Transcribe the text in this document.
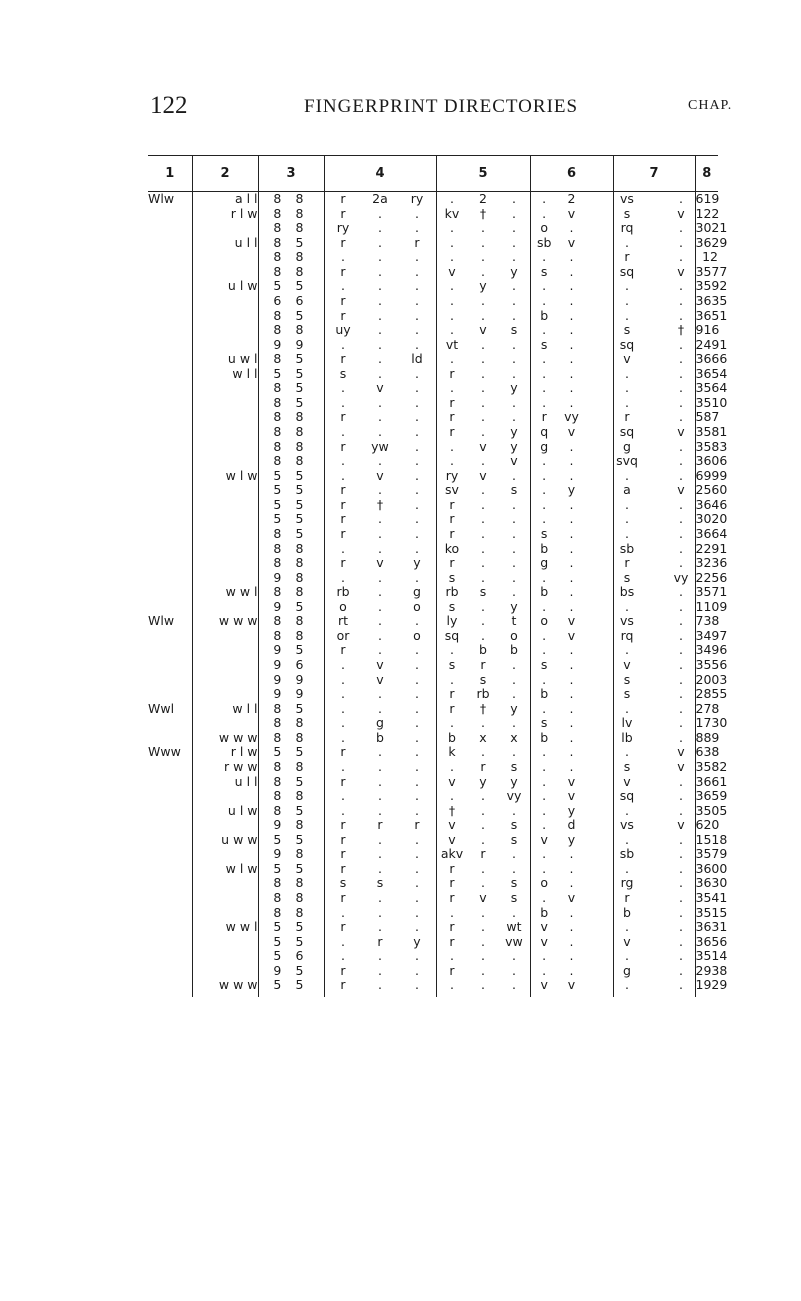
122	FINGERPRINT DIRECTORIES	CHAP.
1	2	3	4	5	6	7	8
Wlw	a l l	8 8	r 2a ry	. 2 .	. 2	vs .	619
	r l w	8 8	r . .	kv † .	. v	s v	122
		8 8	ry . .	. . .	o .	rq .	3021
	u l l	8 5	r . r	. . .	sb v	. .	3629
		8 8	. . .	. . .	. .	r .	12
		8 8	r . .	v . y	s .	sq v	3577
	u l w	5 5	. . .	. y .	. .	. .	3592
		6 6	r . .	. . .	. .	. .	3635
		8 5	r . .	. . .	b .	. .	3651
		8 8	uy . .	. v s	. .	s †	916
		9 9	. . .	vt . .	s .	sq .	2491
	u w l	8 5	r . ld	. . .	. .	v .	3666
	w l l	5 5	s . .	r . .	. .	. .	3654
		8 5	. v .	. . y	. .	. .	3564
		8 5	. . .	r . .	. .	. .	3510
		8 8	r . .	r . .	r vy	r .	587
		8 8	. . .	r . y	q v	sq v	3581
		8 8	r yw .	. v y	g .	g .	3583
		8 8	. . .	. . v	. .	svq .	3606
	w l w	5 5	. v .	ry v .	. .	. .	6999
		5 5	r . .	sv . s	. y	a v	2560
		5 5	r † .	r . .	. .	. .	3646
		5 5	r . .	r . .	. .	. .	3020
		8 5	r . .	r . .	s .	. .	3664
		8 8	. . .	ko . .	b .	sb .	2291
		8 8	r v y	r . .	g .	r .	3236
		9 8	. . .	s . .	. .	s vy	2256
	w w l	8 8	rb . g	rb s .	b .	bs .	3571
		9 5	o . o	s . y	. .	. .	1109
Wlw	w w w	8 8	rt . .	ly . t	o v	vs .	738
		8 8	or . o	sq . o	. v	rq .	3497
		9 5	r . .	. b b	. .	. .	3496
		9 6	. v .	s r .	s .	v .	3556
		9 9	. v .	. s .	. .	s .	2003
		9 9	. . .	r rb .	b .	s .	2855
Wwl	w l l	8 5	. . .	r † y	. .	. .	278
		8 8	. g .	. . .	s .	lv .	1730
	w w w	8 8	. b .	b x x	b .	lb .	889
Www	r l w	5 5	r . .	k . .	. .	. v	638
	r w w	8 8	. . .	. r s	. .	s v	3582
	u l l	8 5	r . .	v y y	. v	v .	3661
		8 8	. . .	. . vy	. v	sq .	3659
	u l w	8 5	. . .	† . .	. y	. .	3505
		9 8	r r r	v . s	. d	vs v	620
	u w w	5 5	r . .	v . s	v y	. .	1518
		9 8	r . .	akv r .	. .	sb .	3579
	w l w	5 5	r . .	r . .	. .	. .	3600
		8 8	s s .	r . s	o .	rg .	3630
		8 8	r . .	r v s	. v	r .	3541
		8 8	. . .	. . .	b .	b .	3515
	w w l	5 5	r . .	r . wt	v .	. .	3631
		5 5	. r y	r . vw	v .	v .	3656
		5 6	. . .	. . .	. .	. .	3514
		9 5	r . .	r . .	. .	g .	2938
	w w w	5 5	r . .	. . .	v v	. .	1929
